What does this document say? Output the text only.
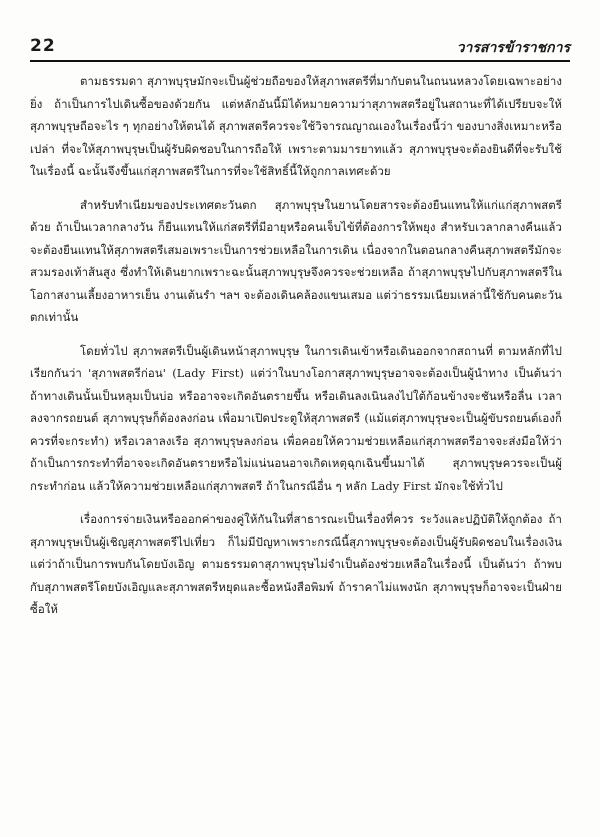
22	วารสารข้าราชการ

ตามธรรมดา สุภาพบุรุษมักจะเป็นผู้ช่วยถือของให้สุภาพสตรีที่มากับตนในถนนหลวงโดยเฉพาะอย่างยิ่ง ถ้าเป็นการไปเดินซื้อของด้วยกัน แต่หลักอันนี้มิได้หมายความว่าสุภาพสตรีอยู่ในสถานะที่ได้เปรียบจะให้สุภาพบุรุษถือจะไร ๆ ทุกอย่างให้ตนได้ สุภาพสตรีควรจะใช้วิจารณญาณเองในเรื่องนี้ว่า ของบางสิ่งเหมาะหรือเปล่า ที่จะให้สุภาพบุรุษเป็นผู้รับผิดชอบในการถือให้ เพราะตามมารยาทแล้ว สุภาพบุรุษจะต้องยินดีที่จะรับใช้ในเรื่องนี้ ฉะนั้นจึงขึ้นแก่สุภาพสตรีในการที่จะใช้สิทธิ์นี้ให้ถูกกาลเทศะด้วย

สำหรับทำเนียมของประเทศตะวันตก สุภาพบุรุษในยานโดยสารจะต้องยืนแทนให้แก่แก่สุภาพสตรีด้วย ถ้าเป็นเวลากลางวัน ก็ยืนแทนให้แก่สตรีที่มีอายุหรือคนเจ็บไข้ที่ต้องการให้พยุง สำหรับเวลากลางคืนแล้ว จะต้องยืนแทนให้สุภาพสตรีเสมอเพราะเป็นการช่วยเหลือในการเดิน เนื่องจากในตอนกลางคืนสุภาพสตรีมักจะสวมรองเท้าส้นสูง ซึ่งทำให้เดินยากเพราะฉะนั้นสุภาพบุรุษจึงควรจะช่วยเหลือ ถ้าสุภาพบุรุษไปกับสุภาพสตรีในโอกาสงานเลี้ยงอาหารเย็น งานเต้นรำ ฯลฯ จะต้องเดินคล้องแขนเสมอ แต่ว่าธรรมเนียมเหล่านี้ใช้กับคนตะวันตกเท่านั้น

โดยทั่วไป สุภาพสตรีเป็นผู้เดินหน้าสุภาพบุรุษ ในการเดินเข้าหรือเดินออกจากสถานที่ ตามหลักที่ไปเรียกกันว่า 'สุภาพสตรีก่อน' (Lady First) แต่ว่าในบางโอกาสสุภาพบุรุษอาจจะต้องเป็นผู้นำทาง เป็นต้นว่า ถ้าทางเดินนั้นเป็นหลุมเป็นบ่อ หรืออาจจะเกิดอันตรายขึ้น หรือเดินลงเนินลงไปใต้ก้อนข้างจะชันหรือลื่น เวลาลงจากรถยนต์ สุภาพบุรุษก็ต้องลงก่อน เพื่อมาเปิดประตูให้สุภาพสตรี (แม้แต่สุภาพบุรุษจะเป็นผู้ขับรถยนต์เองก็ควรที่จะกระทำ) หรือเวลาลงเรือ สุภาพบุรุษลงก่อน เพื่อคอยให้ความช่วยเหลือแก่สุภาพสตรีอาจจะส่งมือให้ว่า ถ้าเป็นการกระทำที่อาจจะเกิดอันตรายหรือไม่แน่นอนอาจเกิดเหตุฉุกเฉินขึ้นมาได้ สุภาพบุรุษควรจะเป็นผู้กระทำก่อน แล้วให้ความช่วยเหลือแก่สุภาพสตรี ถ้าในกรณีอื่น ๆ หลัก Lady First มักจะใช้ทั่วไป

เรื่องการจ่ายเงินหรือออกค่าของคู่ให้กันในที่สาธารณะเป็นเรื่องที่ควร ระวังและปฏิบัติให้ถูกต้อง ถ้าสุภาพบุรุษเป็นผู้เชิญสุภาพสตรีไปเที่ยว ก็ไม่มีปัญหาเพราะกรณีนี้สุภาพบุรุษจะต้องเป็นผู้รับผิดชอบในเรื่องเงิน แต่ว่าถ้าเป็นการพบกันโดยบังเอิญ ตามธรรมดาสุภาพบุรุษไม่จำเป็นต้องช่วยเหลือในเรื่องนี้ เป็นต้นว่า ถ้าพบกับสุภาพสตรีโดยบังเอิญและสุภาพสตรีหยุดและซื้อหนังสือพิมพ์ ถ้าราคาไม่แพงนัก สุภาพบุรุษก็อาจจะเป็นฝ่ายซื้อให้
